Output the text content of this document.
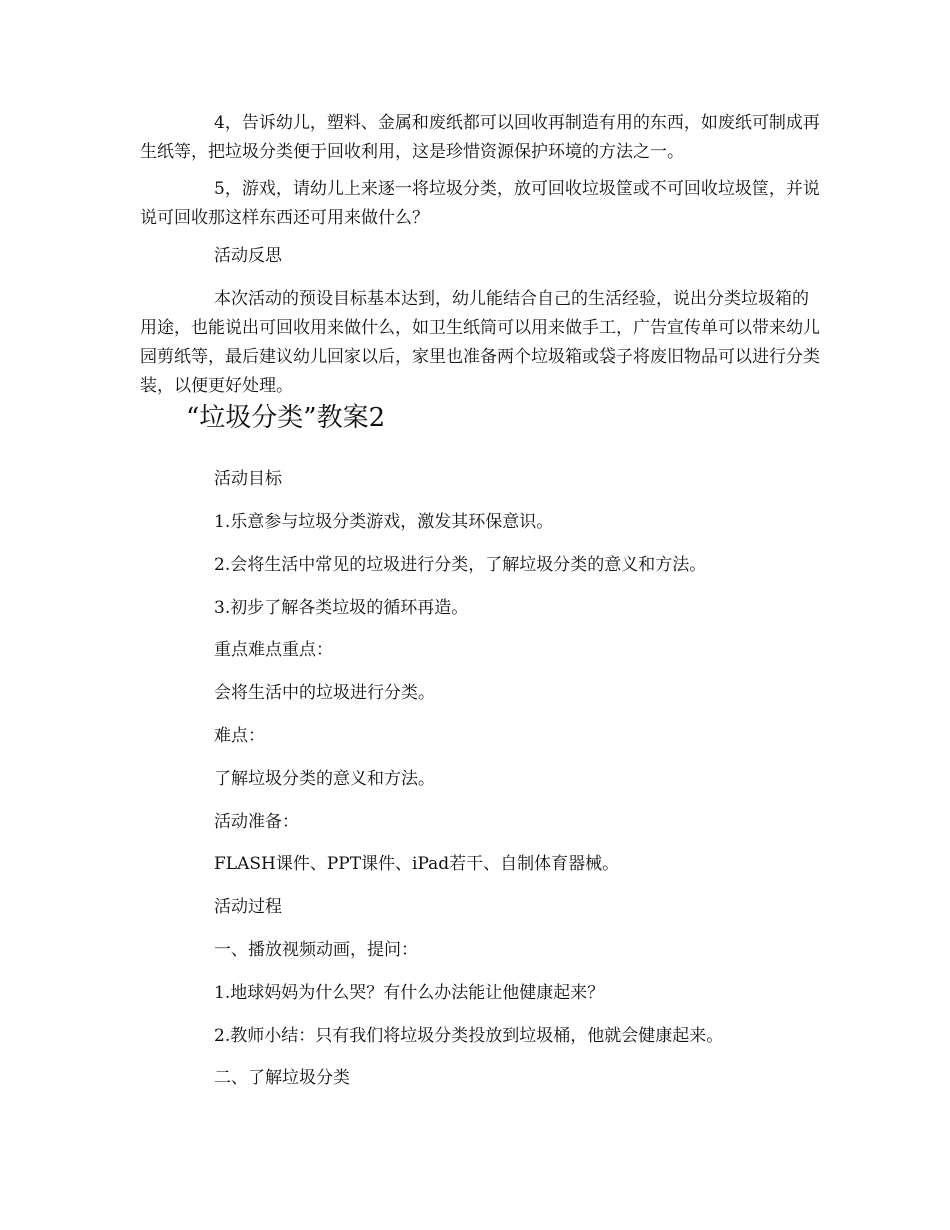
4，告诉幼儿，塑料、金属和废纸都可以回收再制造有用的东西，如废纸可制成再生纸等，把垃圾分类便于回收利用，这是珍惜资源保护环境的方法之一。

5，游戏，请幼儿上来逐一将垃圾分类，放可回收垃圾筐或不可回收垃圾筐，并说说可回收那这样东西还可用来做什么？

活动反思

本次活动的预设目标基本达到，幼儿能结合自己的生活经验，说出分类垃圾箱的用途，也能说出可回收用来做什么，如卫生纸筒可以用来做手工，广告宣传单可以带来幼儿园剪纸等，最后建议幼儿回家以后，家里也准备两个垃圾箱或袋子将废旧物品可以进行分类装，以便更好处理。

“垃圾分类”教案2
活动目标
1.乐意参与垃圾分类游戏，激发其环保意识。
2.会将生活中常见的垃圾进行分类，了解垃圾分类的意义和方法。
3.初步了解各类垃圾的循环再造。
重点难点重点：
会将生活中的垃圾进行分类。
难点：
了解垃圾分类的意义和方法。
活动准备：
FLASH课件、PPT课件、iPad若干、自制体育器械。
活动过程
一、播放视频动画，提问：
1.地球妈妈为什么哭？有什么办法能让他健康起来？
2.教师小结：只有我们将垃圾分类投放到垃圾桶，他就会健康起来。
二、了解垃圾分类
